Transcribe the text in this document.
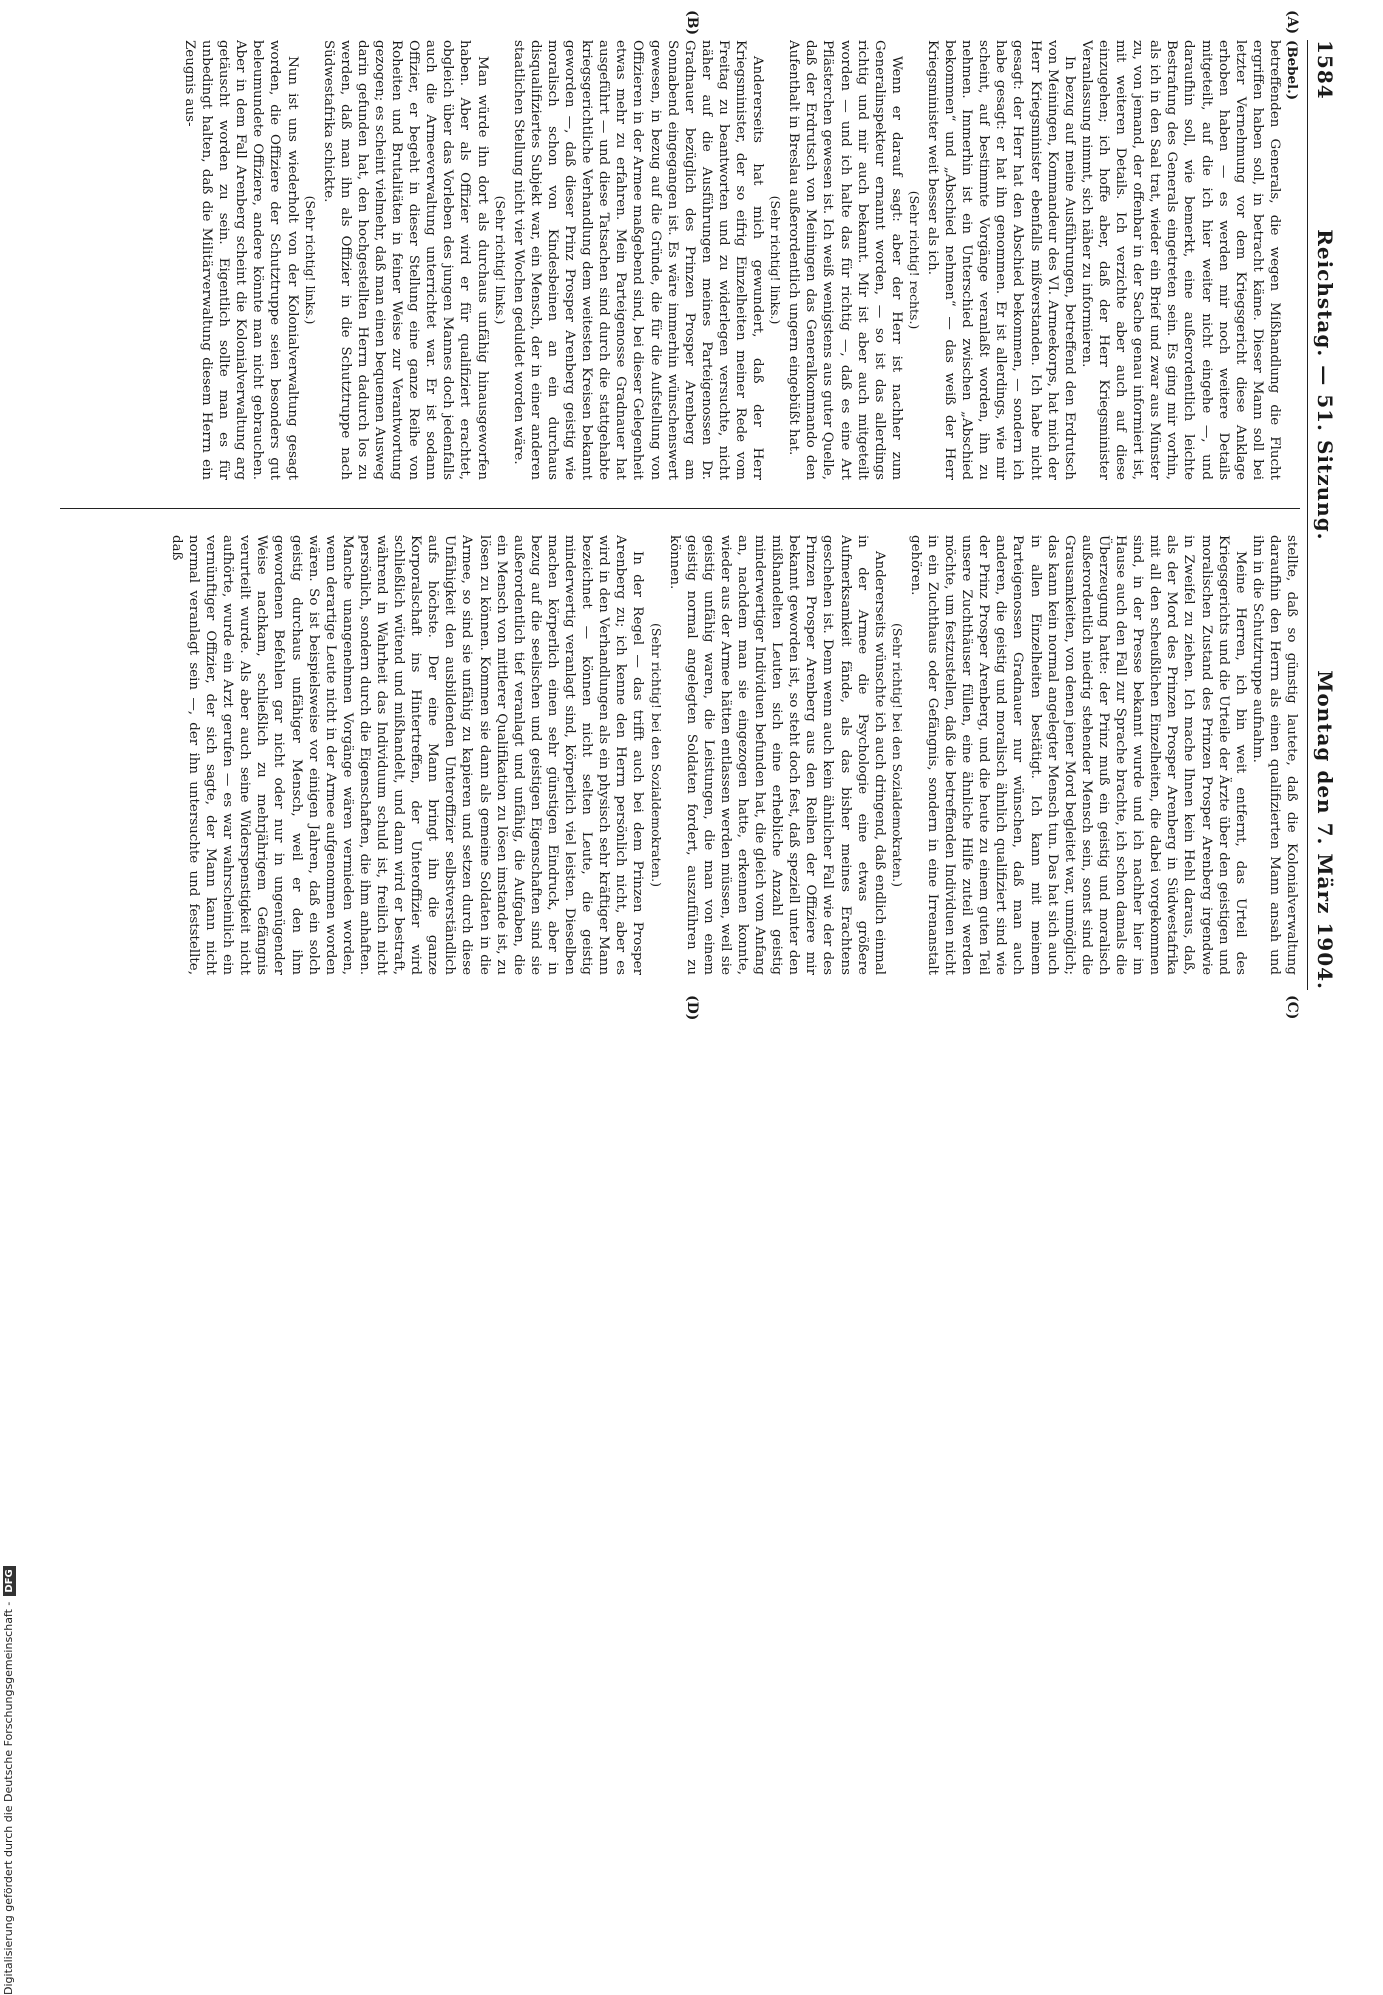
1584
Reichstag. — 51. Sitzung.
Montag den 7. März 1904.
(A)
(B)
(C)
(D)

(Bebel.)

betreffenden Generals, die wegen Mißhandlung die Flucht ergriffen haben soll, in betracht käme. Dieser Mann soll bei letzter Vernehmung vor dem Kriegsgericht diese Anklage erhoben haben — es werden mir noch weitere Details mitgeteilt, auf die ich hier weiter nicht eingehe —, und daraufhin soll, wie bemerkt, eine außerordentlich leichte Bestrafung des Generals eingetreten sein. Es ging mir vorhin, als ich in den Saal trat, wieder ein Brief und zwar aus Münster zu, von jemand, der offenbar in der Sache genau informiert ist, mit weiteren Details. Ich verzichte aber auch auf diese einzugehen; ich hoffe aber, daß der Herr Kriegsminister Veranlassung nimmt, sich näher zu informieren.

In bezug auf meine Ausführungen, betreffend den Erdrutsch von Meiningen, Kommandeur des VI. Armeekorps, hat mich der Herr Kriegsminister ebenfalls mißverstanden. Ich habe nicht gesagt: der Herr hat den Abschied bekommen, — sondern ich habe gesagt: er hat ihn genommen. Er ist allerdings, wie mir scheint, auf bestimmte Vorgänge veranlaßt worden, ihn zu nehmen. Immerhin ist ein Unterschied zwischen „Abschied bekommen“ und „Abschied nehmen“ — das weiß der Herr Kriegsminister weit besser als ich.

(Sehr richtig! rechts.)

Wenn er darauf sagt: aber der Herr ist nachher zum Generalinspekteur ernannt worden, — so ist das allerdings richtig und mir auch bekannt. Mir ist aber auch mitgeteilt worden — und ich halte das für richtig —, daß es eine Art Pflästerchen gewesen ist. Ich weiß wenigstens aus guter Quelle, daß der Erdrutsch von Meiningen das Generalkommando den Aufenthalt in Breslau außerordentlich ungern eingebüßt hat.

(Sehr richtig! links.)

Andererseits hat mich gewundert, daß der Herr Kriegsminister, der so eifrig Einzelheiten meiner Rede vom Freitag zu beantworten und zu widerlegen versuchte, nicht näher auf die Ausführungen meines Parteigenossen Dr. Gradnauer bezüglich des Prinzen Prosper Arenberg am Sonnabend eingegangen ist. Es wäre immerhin wünschenswert gewesen, in bezug auf die Gründe, die für die Aufstellung von Offizieren in der Armee maßgebend sind, bei dieser Gelegenheit etwas mehr zu erfahren. Mein Parteigenosse Gradnauer hat ausgeführt — und diese Tatsachen sind durch die stattgehabte kriegsgerichtliche Verhandlung dem weitesten Kreisen bekannt geworden —, daß dieser Prinz Prosper Arenberg geistig wie moralisch schon von Kindesbeinen an ein durchaus disqualifiziertes Subjekt war, ein Mensch, der in einer anderen staatlichen Stellung nicht vier Wochen geduldet worden wäre.

(Sehr richtig! links.)

Man würde ihn dort als durchaus unfähig hinausgeworfen haben. Aber als Offizier wird er für qualifiziert erachtet, obgleich über das Vorleben des jungen Mannes doch jedenfalls auch die Armeeverwaltung unterrichtet war. Er ist sodann Offizier, er begeht in dieser Stellung eine ganze Reihe von Roheiten und Brutalitäten in feiner Weise zur Verantwortung gezogen; es scheint vielmehr, daß man einen bequemen Ausweg darin gefunden hat, den hochgestellten Herrn dadurch los zu werden, daß man ihn als Offizier in die Schutztruppe nach Südwestafrika schickte.

(Sehr richtig! links.)

Nun ist uns wiederholt von der Kolonialverwaltung gesagt worden, die Offiziere der Schutztruppe seien besonders gut beleumundete Offiziere, andere könnte man nicht gebrauchen. Aber in dem Fall Arenberg scheint die Kolonialverwaltung arg getäuscht worden zu sein. Eigentlich sollte man es für unbedingt halten, daß die Militärverwaltung diesem Herrn ein Zeugnis aus-

stellte, daß so günstig lautete, daß die Kolonialverwaltung daraufhin den Herrn als einen qualifizierten Mann ansah und ihn in die Schutztruppe aufnahm.

Meine Herren, ich bin weit entfernt, das Urteil des Kriegsgerichts und die Urteile der Ärzte über den geistigen und moralischen Zustand des Prinzen Prosper Arenberg irgendwie in Zweifel zu ziehen. Ich mache Ihnen kein Hehl daraus, daß, als der Mord des Prinzen Prosper Arenberg in Südwestafrika mit all den scheußlichen Einzelheiten, die dabei vorgekommen sind, in der Presse bekannt wurde und ich nachher hier im Hause auch den Fall zur Sprache brachte, ich schon damals die Überzeugung hatte: der Prinz muß ein geistig und moralisch außerordentlich niedrig stehender Mensch sein, sonst sind die Grausamkeiten, von denen jener Mord begleitet war, unmöglich; das kann kein normal angelegter Mensch tun. Das hat sich auch in allen Einzelheiten bestätigt. Ich kann mit meinem Parteigenossen Gradnauer nur wünschen, daß man auch anderen, die geistig und moralisch ähnlich qualifiziert sind wie der Prinz Prosper Arenberg, und die heute zu einem guten Teil unsere Zuchthäuser füllen, eine ähnliche Hilfe zuteil werden möchte, um festzustellen, daß die betreffenden Individuen nicht in ein Zuchthaus oder Gefängnis, sondern in eine Irrenanstalt gehören.

(Sehr richtig! bei den Sozialdemokraten.)

Andererseits wünschte ich auch dringend, daß endlich einmal in der Armee die Psychologie eine etwas größere Aufmerksamkeit fände, als das bisher meines Erachtens geschehen ist. Denn wenn auch kein ähnlicher Fall wie der des Prinzen Prosper Arenberg aus den Reihen der Offiziere mir bekannt geworden ist, so steht doch fest, daß speziell unter den mißhandelten Leuten sich eine erhebliche Anzahl geistig minderwertiger Individuen befunden hat, die gleich vom Anfang an, nachdem man sie eingezogen hatte, erkennen konnte, wieder aus der Armee hätten entlassen werden müssen, weil sie geistig unfähig waren, die Leistungen, die man von einem geistig normal angelegten Soldaten fordert, auszuführen zu können.

(Sehr richtig! bei den Sozialdemokraten.)

In der Regel — das trifft auch bei dem Prinzen Prosper Arenberg zu; ich kenne den Herrn persönlich nicht, aber es wird in den Verhandlungen als ein physisch sehr kräftiger Mann bezeichnet — können nicht selten Leute, die geistig minderwertig veranlagt sind, körperlich viel leisten. Dieselben machen körperlich einen sehr günstigen Eindruck, aber in bezug auf die seelischen und geistigen Eigenschaften sind sie außerordentlich tief veranlagt und unfähig, die Aufgaben, die ein Mensch von mittlerer Qualifikation zu lösen imstande ist, zu lösen zu können. Kommen sie dann als gemeine Soldaten in die Armee, so sind sie unfähig zu kapieren und setzen durch diese Unfähigkeit den ausbildenden Unteroffizier selbstverständlich aufs höchste. Der eine Mann bringt ihn die ganze Korporalschaft ins Hintertreffen, der Unteroffizier wird schließlich wütend und mißhandelt, und dann wird er bestraft, während in Wahrheit das Individuum schuld ist, freilich nicht persönlich, sondern durch die Eigenschaften, die ihm anhaften. Manche unangenehmen Vorgänge wären vermieden worden, wenn derartige Leute nicht in der Armee aufgenommen worden wären. So ist beispielsweise vor einigen Jahren, daß ein solch geistig durchaus unfähiger Mensch, weil er den ihm gewordenen Befehlen gar nicht oder nur in ungenügender Weise nachkam, schließlich zu mehrjährigem Gefängnis verurteilt wurde. Als aber auch seine Widerspenstigkeit nicht aufhörte, wurde ein Arzt gerufen — es war wahrscheinlich ein vernünftiger Offizier, der sich sagte, der Mann kann nicht normal veranlagt sein —, der ihn untersuchte und feststellte, daß

Digitalisierung gefördert durch die Deutsche Forschungsgemeinschaft -DFG
